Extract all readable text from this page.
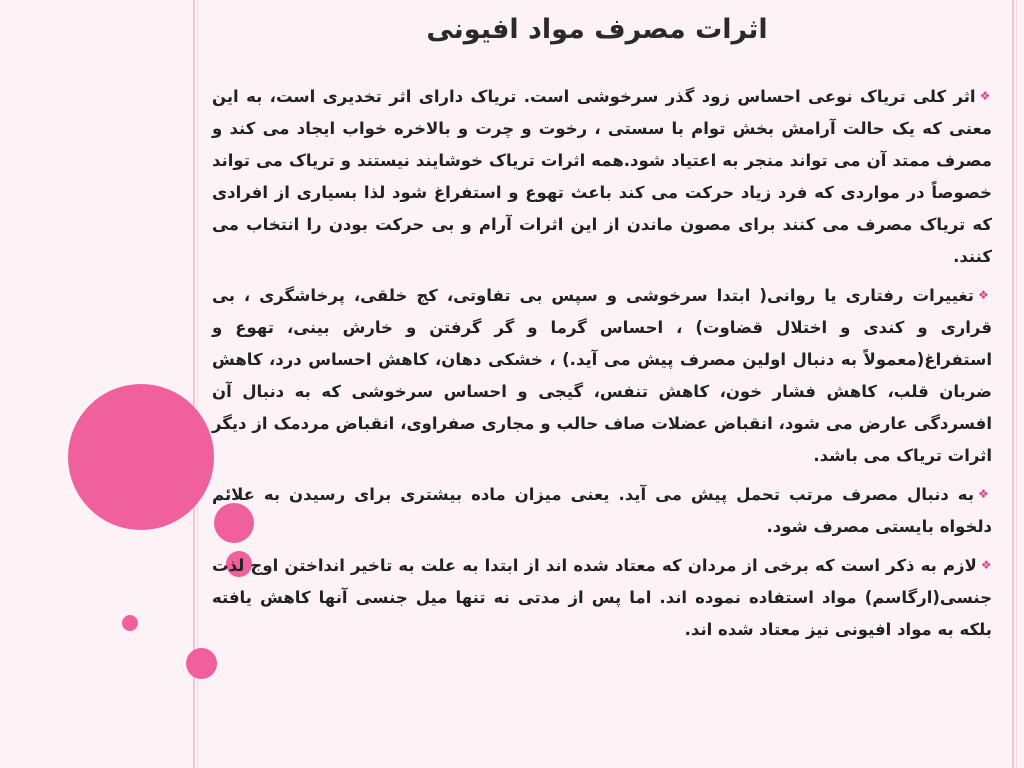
اثرات مصرف مواد افیونی

❖اثر کلی تریاک نوعی احساس زود گذر سرخوشی است. تریاک دارای اثر تخدیری است، به این معنی که یک حالت آرامش بخش توام با سستی ، رخوت و چرت و بالاخره خواب ایجاد می کند و مصرف ممتد آن می تواند منجر به اعتیاد شود.همه اثرات تریاک خوشایند نیستند و تریاک می تواند خصوصاً در مواردی که فرد زیاد حرکت می کند باعث تهوع و استفراغ شود لذا بسیاری از افرادی که تریاک مصرف می کنند برای مصون ماندن از این اثرات آرام و بی حرکت بودن را انتخاب می کنند.

❖تغییرات رفتاری یا روانی( ابتدا سرخوشی و سپس بی تفاوتی، کج خلقی، پرخاشگری ، بی قراری و کندی و اختلال قضاوت) ، احساس گرما و گر گرفتن و خارش بینی، تهوع و استفراغ(معمولاً به دنبال اولین مصرف پیش می آید.) ، خشکی دهان، کاهش احساس درد، کاهش ضربان قلب، کاهش فشار خون، کاهش تنفس، گیجی و احساس سرخوشی که به دنبال آن افسردگی عارض می شود، انقباض عضلات صاف حالب و مجاری صفراوی، انقباض مردمک از دیگر اثرات تریاک می باشد.

❖به دنبال مصرف مرتب تحمل پیش می آید. یعنی میزان ماده بیشتری برای رسیدن به علائم دلخواه بایستی مصرف شود.

❖لازم به ذکر است که برخی از مردان که معتاد شده اند از ابتدا به علت به تاخیر انداختن اوج لذت جنسی(ارگاسم) مواد استفاده نموده اند. اما پس از مدتی نه تنها میل جنسی آنها کاهش یافته بلکه به مواد افیونی نیز معتاد شده اند.
